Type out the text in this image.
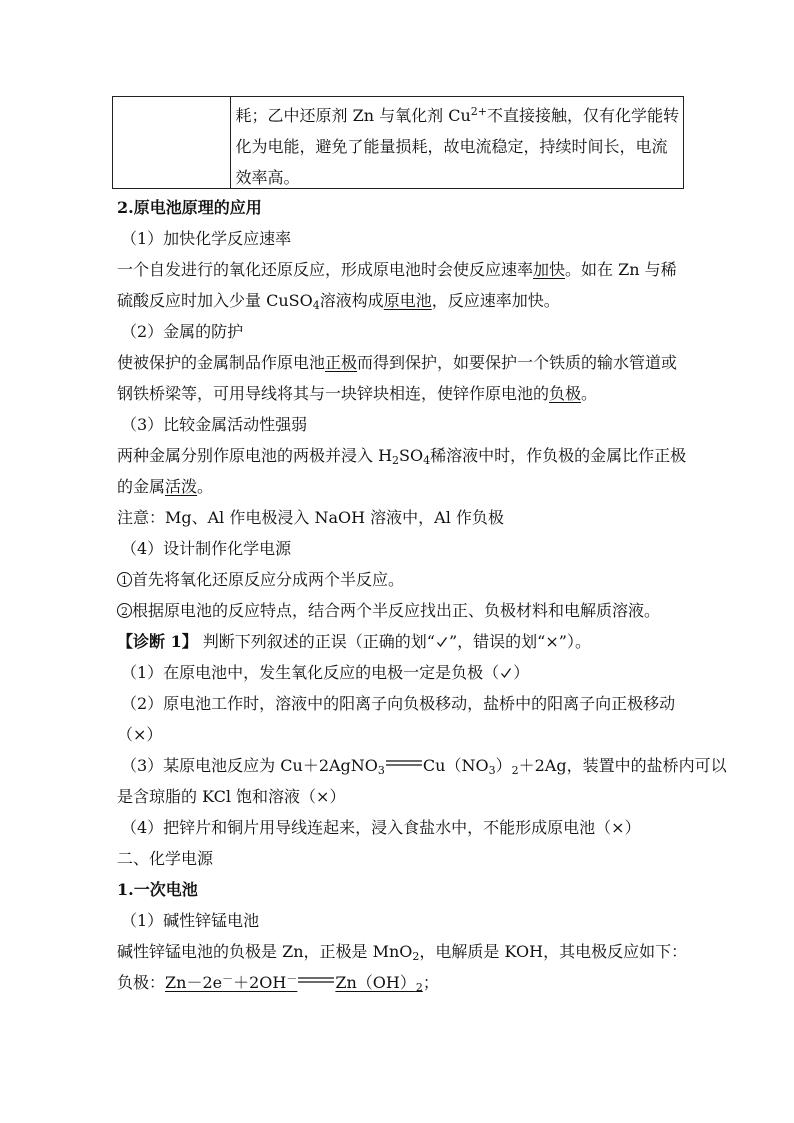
耗；乙中还原剂 Zn 与氧化剂 $Cu^{2+}$不直接接触，仅有化学能转
化为电能，避免了能量损耗，故电流稳定，持续时间长，电流
效率高。
2.原电池原理的应用
（1）加快化学反应速率
一个自发进行的氧化还原反应，形成原电池时会使反应速率加快。如在 Zn 与稀
硫酸反应时加入少量 CuSO$_4$溶液构成原电池，反应速率加快。
（2）金属的防护
使被保护的金属制品作原电池正极而得到保护，如要保护一个铁质的输水管道或
钢铁桥梁等，可用导线将其与一块锌块相连，使锌作原电池的负极。
（3）比较金属活动性强弱
两种金属分别作原电池的两极并浸入 $H_2SO_4$稀溶液中时，作负极的金属比作正极
的金属活泼。
注意：Mg、Al 作电极浸入 NaOH 溶液中，Al 作负极
（4）设计制作化学电源
1 首先将氧化还原反应分成两个半反应。
2 根据原电池的反应特点，结合两个半反应找出正、负极材料和电解质溶液。
【诊断 1】 判断下列叙述的正误（正确的划“ ”，错误的划“×”）。
（1）在原电池中，发生氧化反应的电极一定是负极（ ）
（2）原电池工作时，溶液中的阳离子向负极移动，盐桥中的阳离子向正极移动
（×）
（3）某原电池反应为 Cu＋2AgNO$_3$ $Cu(NO_3)_2+2Ag$，装置中的盐桥内可以
是含琼脂的 KCl 饱和溶液（×）
（4）把锌片和铜片用导线连起来，浸入食盐水中，不能形成原电池（×）
二、化学电源
1.一次电池
（1）碱性锌锰电池
碱性锌锰电池的负极是 Zn，正极是 MnO$_2$，电解质是 KOH，其电极反应如下：
负极：Zn－2e－＋2OH－ $Zn(OH)_2$；
